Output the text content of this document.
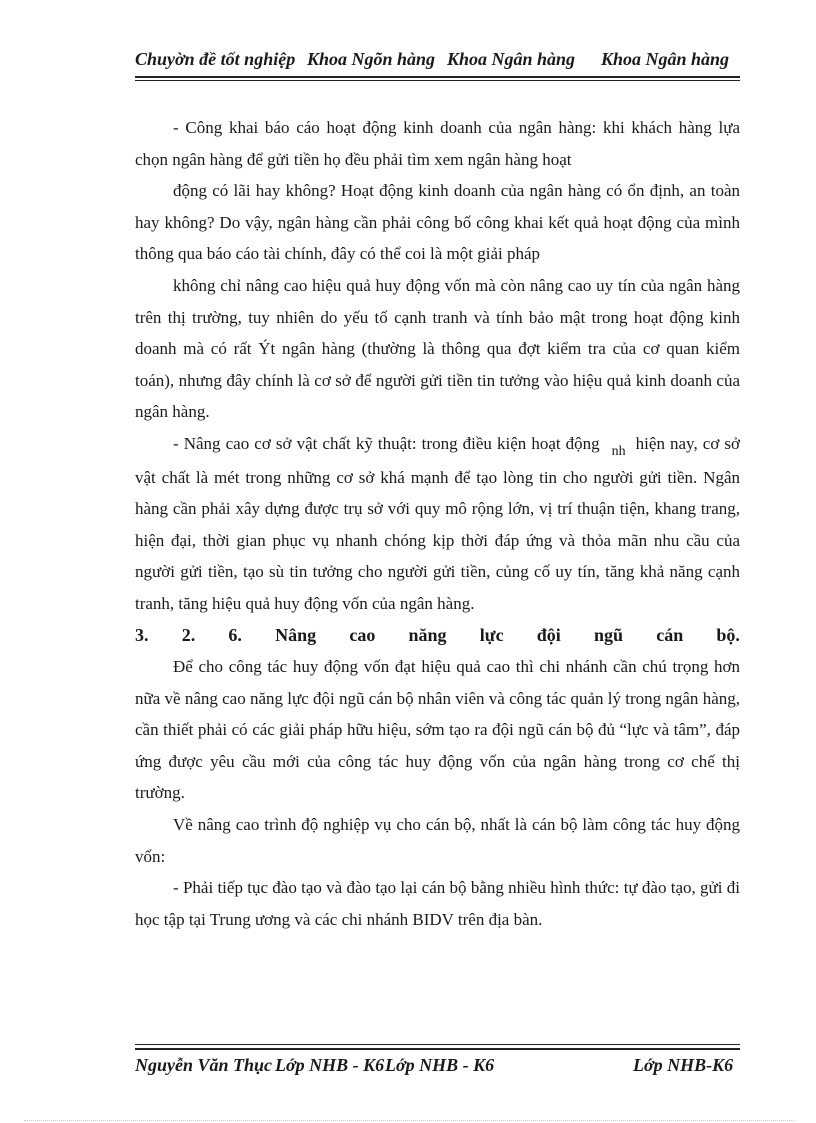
Chuyờn đề tốt nghiệp Khoa Ngõn hàng Khoa Ngân hàng Khoa Ngân hàng

- Công khai báo cáo hoạt động kinh doanh của ngân hàng: khi khách hàng lựa chọn ngân hàng để gửi tiền họ đều phải tìm xem ngân hàng hoạt

động có lãi hay không? Hoạt động kinh doanh của ngân hàng có ổn định, an toàn hay không? Do vậy, ngân hàng cần phải công bố công khai kết quả hoạt động của mình thông qua báo cáo tài chính, đây có thể coi là một giải pháp

không chỉ nâng cao hiệu quả huy động vốn mà còn nâng cao uy tín của ngân hàng trên thị trường, tuy nhiên do yếu tố cạnh tranh và tính bảo mật trong hoạt động kinh doanh mà có rất Ýt ngân hàng (thường là thông qua đợt kiểm tra của cơ quan kiểm toán), nhưng đây chính là cơ sở để người gửi tiền tin tưởng vào hiệu quả kinh doanh của ngân hàng.

- Nâng cao cơ sở vật chất kỹ thuật: trong điều kiện hoạt động $_{nh}$ hiện nay, cơ sở vật chất là mét trong những cơ sở khá mạnh để tạo lòng tin cho người gửi tiền. Ngân hàng cần phải xây dựng được trụ sở với quy mô rộng lớn, vị trí thuận tiện, khang trang, hiện đại, thời gian phục vụ nhanh chóng kịp thời đáp ứng và thỏa mãn nhu cầu của người gửi tiền, tạo sù tin tưởng cho người gửi tiền, củng cố uy tín, tăng khả năng cạnh tranh, tăng hiệu quả huy động vốn của ngân hàng.

3. 2. 6. Nâng cao năng lực đội ngũ cán bộ.

Để cho công tác huy động vốn đạt hiệu quả cao thì chi nhánh cần chú trọng hơn nữa về nâng cao năng lực đội ngũ cán bộ nhân viên và công tác quản lý trong ngân hàng, cần thiết phải có các giải pháp hữu hiệu, sớm tạo ra đội ngũ cán bộ đủ “lực và tâm”, đáp ứng được yêu cầu mới của công tác huy động vốn của ngân hàng trong cơ chế thị trường.

Về nâng cao trình độ nghiệp vụ cho cán bộ, nhất là cán bộ làm công tác huy động vốn:

- Phải tiếp tục đào tạo và đào tạo lại cán bộ bằng nhiều hình thức: tự đào tạo, gửi đi học tập tại Trung ương và các chi nhánh BIDV trên địa bàn.

Nguyễn Văn Thục Lớp NHB - K6 Lớp NHB - K6	Lớp NHB-K6
